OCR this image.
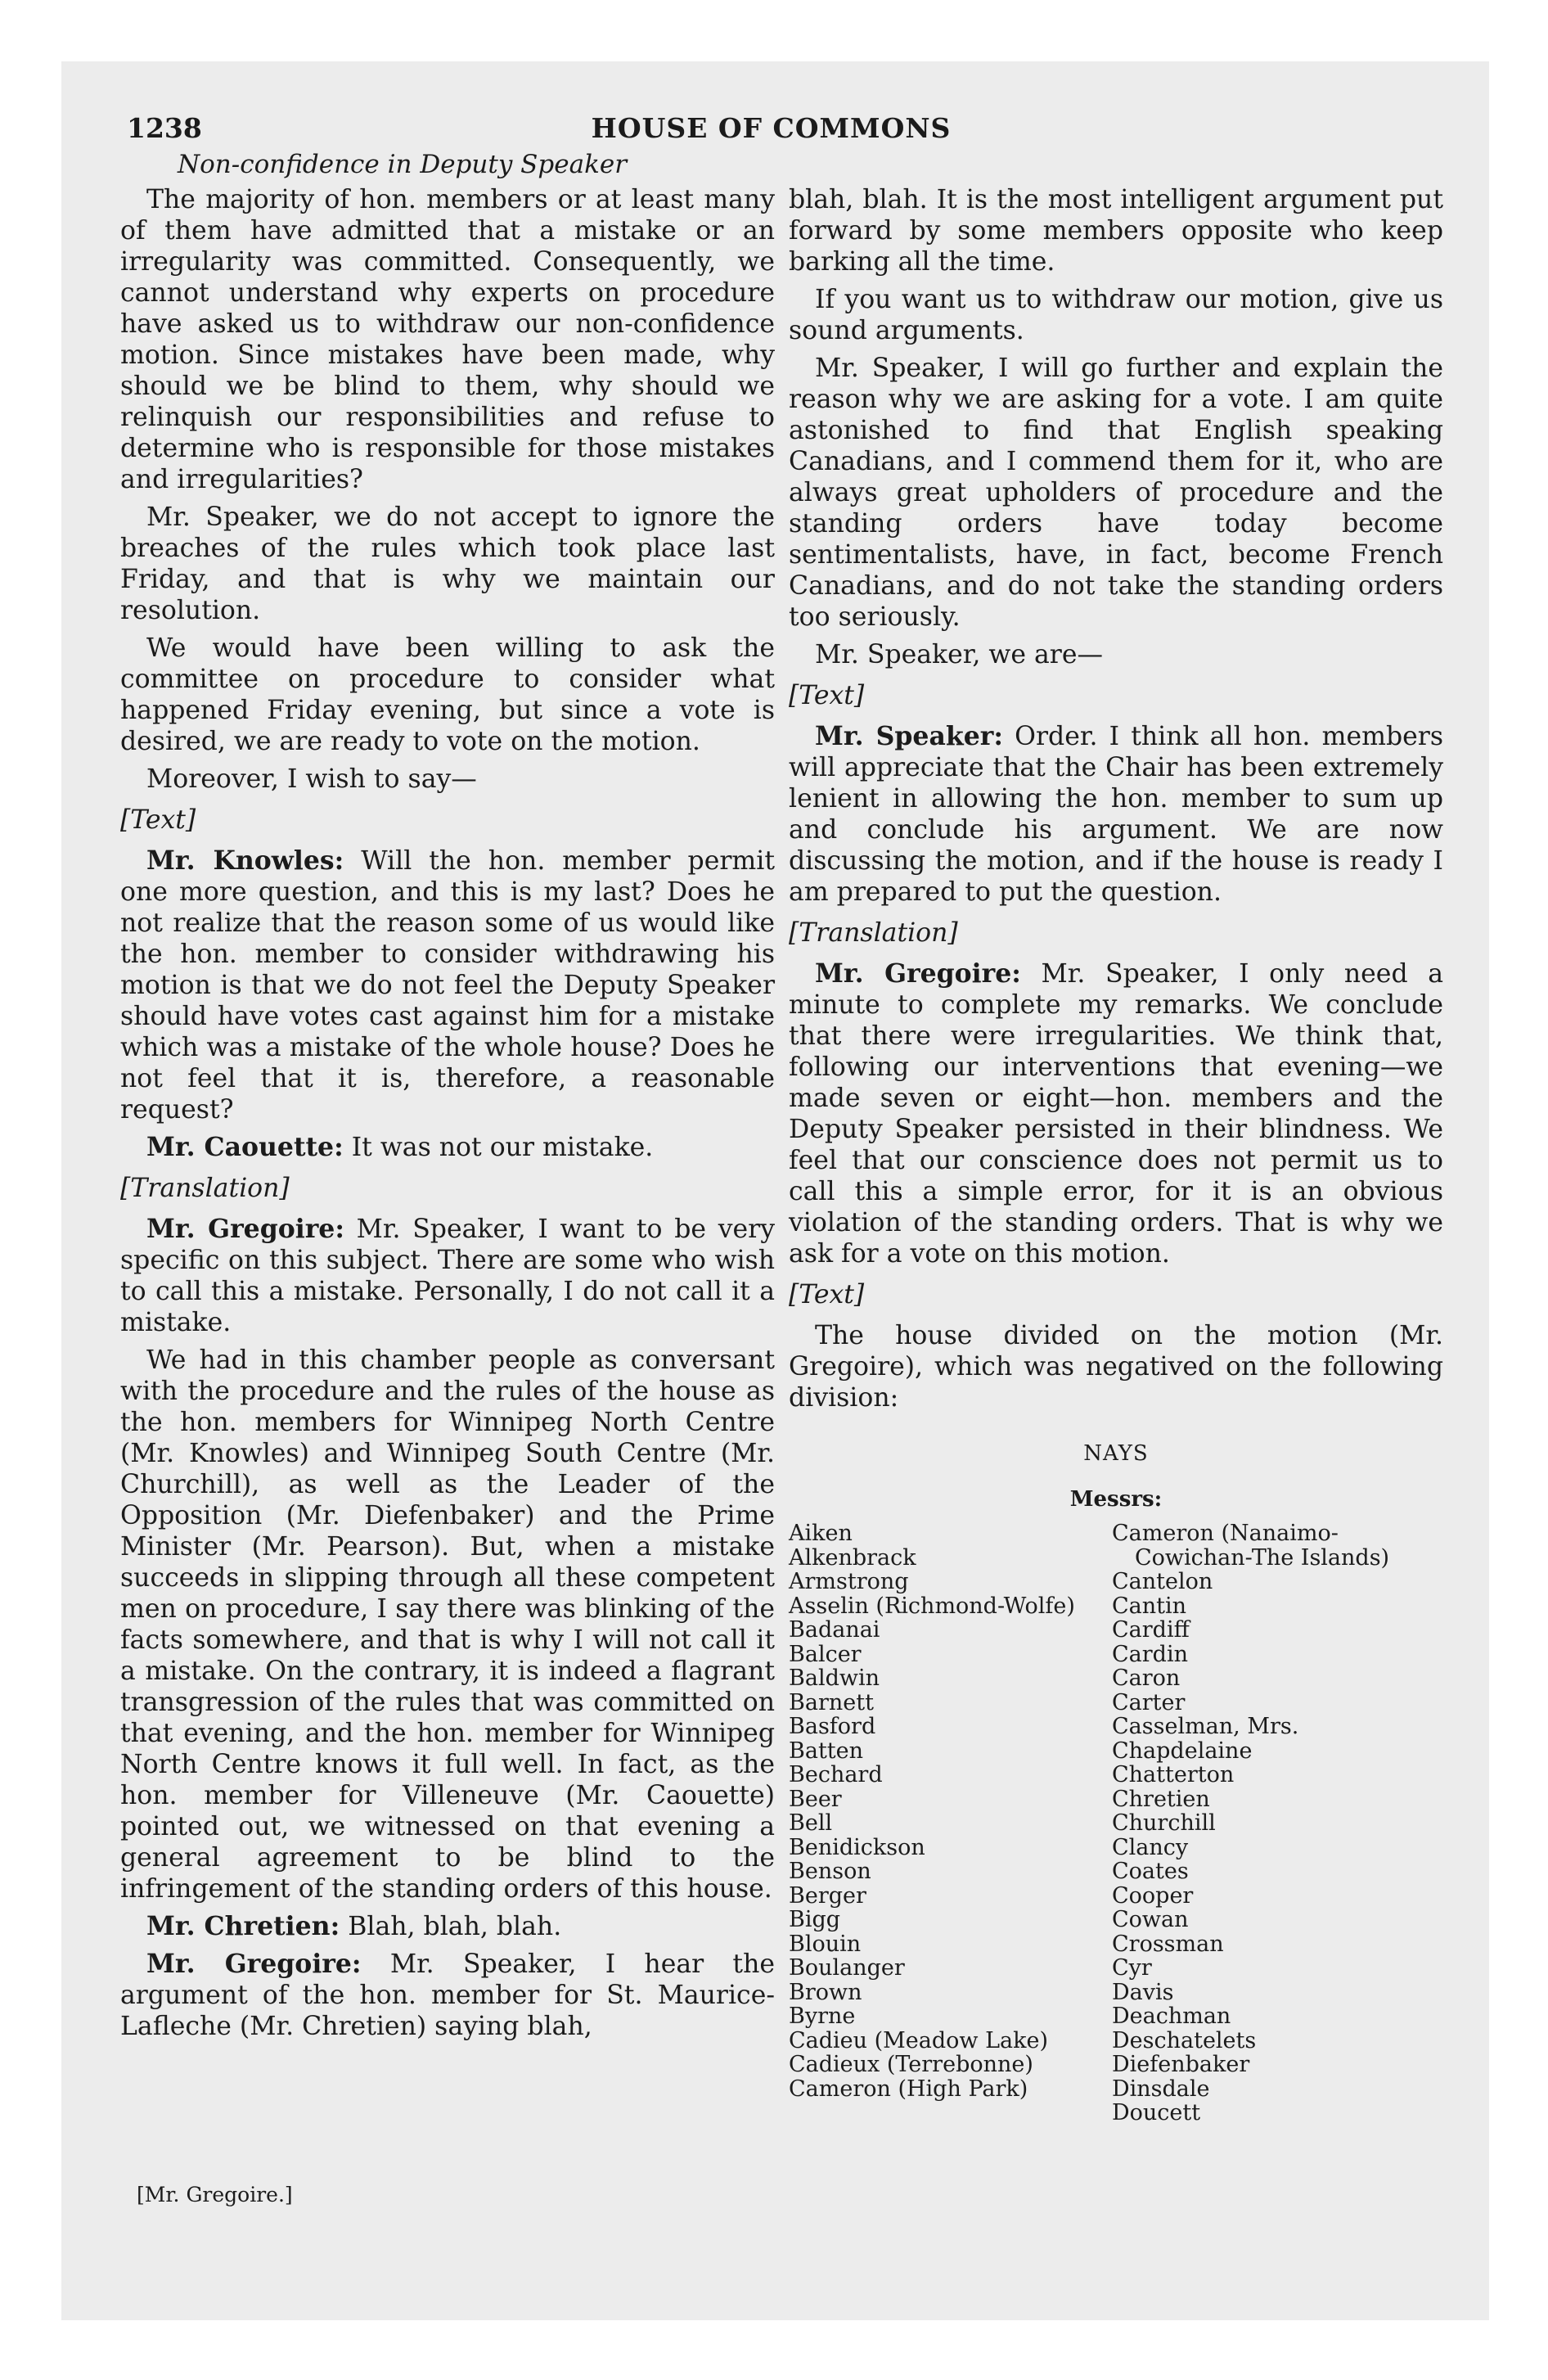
1238	HOUSE OF COMMONS
Non-confidence in Deputy Speaker

The majority of hon. members or at least many of them have admitted that a mistake or an irregularity was committed. Consequently, we cannot understand why experts on procedure have asked us to withdraw our non-confidence motion. Since mistakes have been made, why should we be blind to them, why should we relinquish our responsibilities and refuse to determine who is responsible for those mistakes and irregularities?

Mr. Speaker, we do not accept to ignore the breaches of the rules which took place last Friday, and that is why we maintain our resolution.

We would have been willing to ask the committee on procedure to consider what happened Friday evening, but since a vote is desired, we are ready to vote on the motion.

Moreover, I wish to say—

[Text]

Mr. Knowles: Will the hon. member permit one more question, and this is my last? Does he not realize that the reason some of us would like the hon. member to consider withdrawing his motion is that we do not feel the Deputy Speaker should have votes cast against him for a mistake which was a mistake of the whole house? Does he not feel that it is, therefore, a reasonable request?

Mr. Caouette: It was not our mistake.

[Translation]

Mr. Gregoire: Mr. Speaker, I want to be very specific on this subject. There are some who wish to call this a mistake. Personally, I do not call it a mistake.

We had in this chamber people as conversant with the procedure and the rules of the house as the hon. members for Winnipeg North Centre (Mr. Knowles) and Winnipeg South Centre (Mr. Churchill), as well as the Leader of the Opposition (Mr. Diefenbaker) and the Prime Minister (Mr. Pearson). But, when a mistake succeeds in slipping through all these competent men on procedure, I say there was blinking of the facts somewhere, and that is why I will not call it a mistake. On the contrary, it is indeed a flagrant transgression of the rules that was committed on that evening, and the hon. member for Winnipeg North Centre knows it full well. In fact, as the hon. member for Villeneuve (Mr. Caouette) pointed out, we witnessed on that evening a general agreement to be blind to the infringement of the standing orders of this house.

Mr. Chretien: Blah, blah, blah.

Mr. Gregoire: Mr. Speaker, I hear the argument of the hon. member for St. Maurice-Lafleche (Mr. Chretien) saying blah,

blah, blah. It is the most intelligent argument put forward by some members opposite who keep barking all the time.

If you want us to withdraw our motion, give us sound arguments.

Mr. Speaker, I will go further and explain the reason why we are asking for a vote. I am quite astonished to find that English speaking Canadians, and I commend them for it, who are always great upholders of procedure and the standing orders have today become sentimentalists, have, in fact, become French Canadians, and do not take the standing orders too seriously.

Mr. Speaker, we are—

[Text]

Mr. Speaker: Order. I think all hon. members will appreciate that the Chair has been extremely lenient in allowing the hon. member to sum up and conclude his argument. We are now discussing the motion, and if the house is ready I am prepared to put the question.

[Translation]

Mr. Gregoire: Mr. Speaker, I only need a minute to complete my remarks. We conclude that there were irregularities. We think that, following our interventions that evening—we made seven or eight—hon. members and the Deputy Speaker persisted in their blindness. We feel that our conscience does not permit us to call this a simple error, for it is an obvious violation of the standing orders. That is why we ask for a vote on this motion.

[Text]

The house divided on the motion (Mr. Gregoire), which was negatived on the following division:

NAYS
Messrs:
Aiken
Alkenbrack
Armstrong
Asselin (Richmond-Wolfe)
Badanai
Balcer
Baldwin
Barnett
Basford
Batten
Bechard
Beer
Bell
Benidickson
Benson
Berger
Bigg
Blouin
Boulanger
Brown
Byrne
Cadieu (Meadow Lake)
Cadieux (Terrebonne)
Cameron (High Park)
Cameron (Nanaimo-Cowichan-The Islands)
Cantelon
Cantin
Cardiff
Cardin
Caron
Carter
Casselman, Mrs.
Chapdelaine
Chatterton
Chretien
Churchill
Clancy
Coates
Cooper
Cowan
Crossman
Cyr
Davis
Deachman
Deschatelets
Diefenbaker
Dinsdale
Doucett
[Mr. Gregoire.]
